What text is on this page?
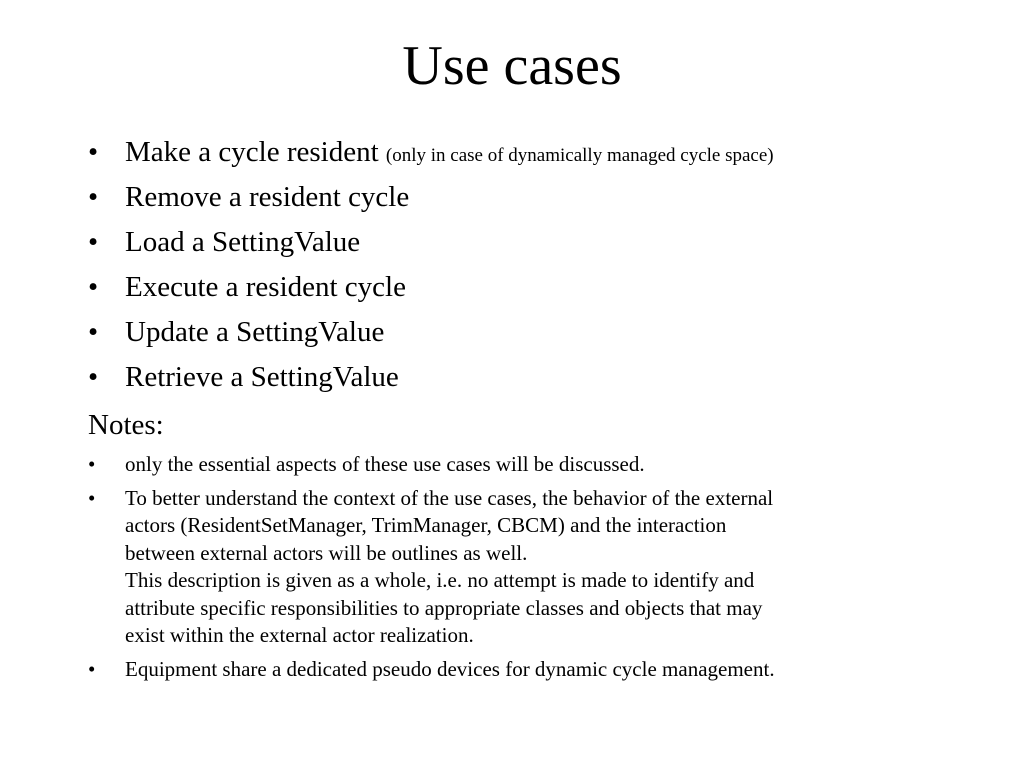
Use cases
• Make a cycle resident (only in case of dynamically managed cycle space)
• Remove a resident cycle
• Load a SettingValue
• Execute a resident cycle
• Update a SettingValue
• Retrieve a SettingValue
Notes:
• only the essential aspects of these use cases will be discussed.
• To better understand the context of the use cases, the behavior of the external
actors (ResidentSetManager, TrimManager, CBCM) and the interaction
between external actors will be outlines as well.
This description is given as a whole, i.e. no attempt is made to identify and
attribute specific responsibilities to appropriate classes and objects that may
exist within the external actor realization.
• Equipment share a dedicated pseudo devices for dynamic cycle management.
